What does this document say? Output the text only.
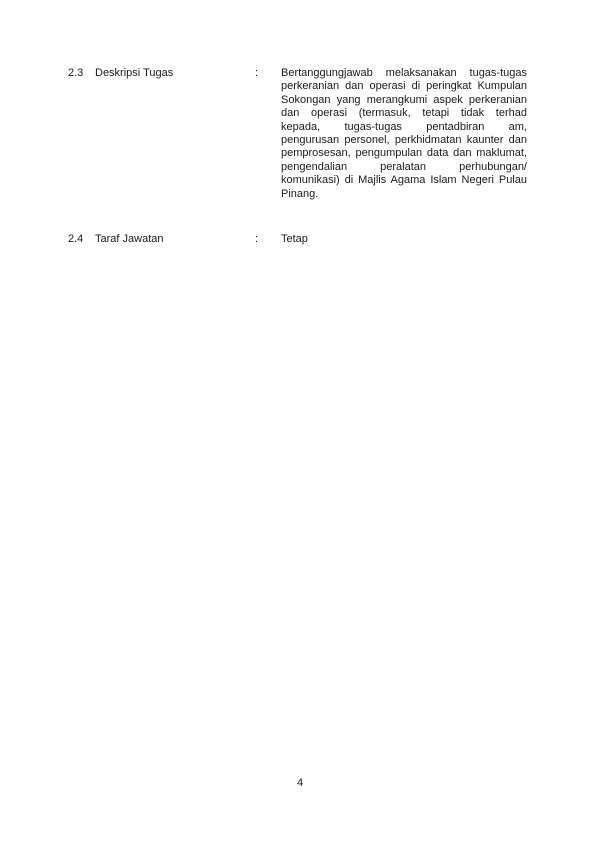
2.3	Deskripsi Tugas	:	Bertanggungjawab melaksanakan tugas-tugas
perkeranian dan operasi di peringkat Kumpulan
Sokongan yang merangkumi aspek perkeranian
dan operasi (termasuk, tetapi tidak terhad
kepada, tugas-tugas pentadbiran am,
pengurusan personel, perkhidmatan kaunter dan
pemprosesan, pengumpulan data dan maklumat,
pengendalian peralatan perhubungan/
komunikasi) di Majlis Agama Islam Negeri Pulau
Pinang.
2.4	Taraf Jawatan	:	Tetap
4
